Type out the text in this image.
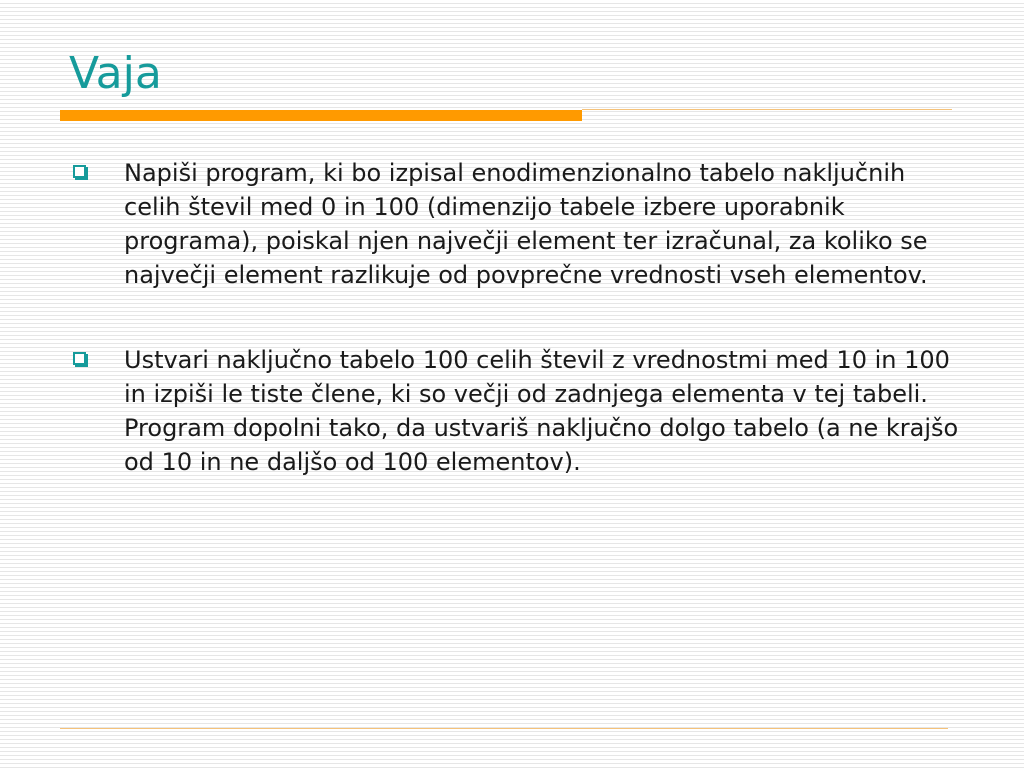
Vaja
Napiši program, ki bo izpisal enodimenzionalno tabelo naključnih celih števil med 0 in 100 (dimenzijo tabele izbere uporabnik programa), poiskal njen največji element ter izračunal, za koliko se največji element razlikuje od povprečne vrednosti vseh elementov.
Ustvari naključno tabelo 100 celih števil z vrednostmi med 10 in 100 in izpiši le tiste člene, ki so večji od zadnjega elementa v tej tabeli. Program dopolni tako, da ustvariš naključno dolgo tabelo (a ne krajšo od 10 in ne daljšo od 100 elementov).
